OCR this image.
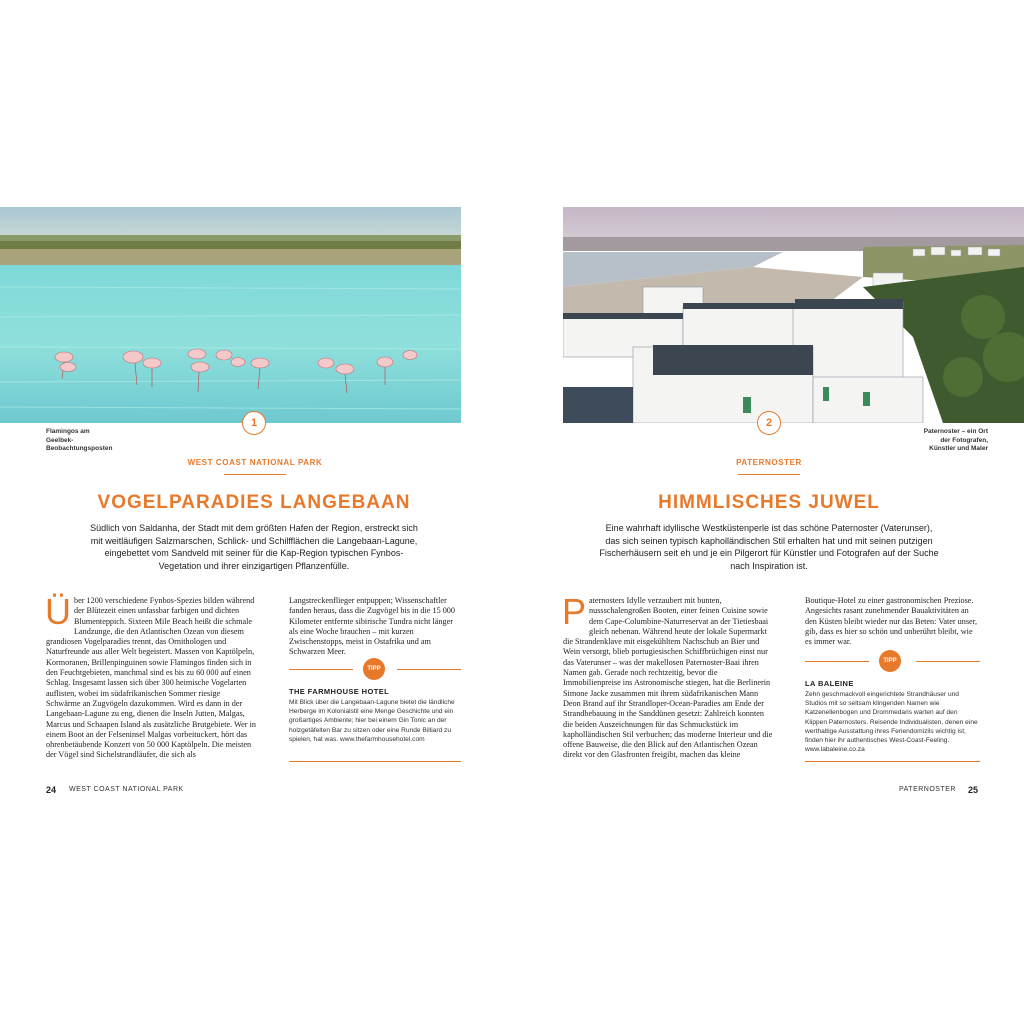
1
Flamingos am Geelbek-Beobachtungsposten
WEST COAST NATIONAL PARK
VOGELPARADIES LANGEBAAN
Südlich von Saldanha, der Stadt mit dem größten Hafen der Region, erstreckt sich mit weitläufigen Salzmarschen, Schlick- und Schilfflächen die Langebaan-Lagune, eingebettet vom Sandveld mit seiner für die Kap-Region typischen Fynbos-Vegetation und ihrer einzigartigen Pflanzenfülle.
Über 1200 verschiedene Fynbos-Spezies bilden während der Blütezeit einen unfassbar farbigen und dichten Blumenteppich. Sixteen Mile Beach heißt die schmale Landzunge, die den Atlantischen Ozean von diesem grandiosen Vogelparadies trennt, das Ornithologen und Naturfreunde aus aller Welt begeistert. Massen von Kaptölpeln, Kormoranen, Brillenpinguinen sowie Flamingos finden sich in den Feuchtgebieten, manchmal sind es bis zu 60 000 auf einen Schlag. Insgesamt lassen sich über 300 heimische Vogelarten auflisten, wobei im südafrikanischen Sommer riesige Schwärme an Zugvögeln dazukommen. Wird es dann in der Langebaan-Lagune zu eng, dienen die Inseln Jutten, Malgas, Marcus und Schaapen Island als zusätzliche Brutgebiete. Wer in einem Boot an der Felseninsel Malgas vorbeituckert, hört das ohrenbetäubende Konzert von 50 000 Kaptölpeln. Die meisten der Vögel sind Sichelstrandläufer, die sich als
Langstreckenflieger entpuppen; Wissenschaftler fanden heraus, dass die Zugvögel bis in die 15 000 Kilometer entfernte sibirische Tundra nicht länger als eine Woche brauchen – mit kurzen Zwischenstopps, meist in Ostafrika und am Schwarzen Meer.
TIPP
THE FARMHOUSE HOTEL
Mit Blick über die Langebaan-Lagune bietet die ländliche Herberge im Kolonialstil eine Menge Geschichte und ein großartiges Ambiente; hier bei einem Gin Tonic an der holzgetäfelten Bar zu sitzen oder eine Runde Billiard zu spielen, hat was. www.thefarmhousehotel.com
24 WEST COAST NATIONAL PARK
2
Paternoster – ein Ort der Fotografen, Künstler und Maler
PATERNOSTER
HIMMLISCHES JUWEL
Eine wahrhaft idyllische Westküstenperle ist das schöne Paternoster (Vaterunser), das sich seinen typisch kapholländischen Stil erhalten hat und mit seinen putzigen Fischerhäusern seit eh und je ein Pilgerort für Künstler und Fotografen auf der Suche nach Inspiration ist.
Paternosters Idylle verzaubert mit bunten, nussschalengroßen Booten, einer feinen Cuisine sowie dem Cape-Columbine-Naturreservat an der Tietiesbaai gleich nebenan. Während heute der lokale Supermarkt die Strandenklave mit eisgekühltem Nachschub an Bier und Wein versorgt, blieb portugiesischen Schiffbrüchigen einst nur das Vaterunser – was der makellosen Paternoster-Baai ihren Namen gab. Gerade noch rechtzeitig, bevor die Immobilienpreise ins Astronomische stiegen, hat die Berlinerin Simone Jacke zusammen mit ihrem südafrikanischen Mann Deon Brand auf ihr Strandloper-Ocean-Paradies am Ende der Strandbebauung in the Sanddünen gesetzt: Zahlreich konnten die beiden Auszeichnungen für das Schmuckstück im kapholländischen Stil verbuchen; das moderne Interieur und die offene Bauweise, die den Blick auf den Atlantischen Ozean direkt vor den Glasfronten freigibt, machen das kleine
Boutique-Hotel zu einer gastronomischen Preziose. Angesichts rasant zunehmender Bauaktivitäten an den Küsten bleibt wieder nur das Beten: Vater unser, gib, dass es hier so schön und unberührt bleibt, wie es immer war.
TIPP
LA BALEINE
Zehn geschmackvoll eingerichtete Strandhäuser und Studios mit so seltsam klingenden Namen wie Katzenellenbogen und Drommedaris warten auf den Klippen Paternosters. Reisende Individualisten, denen eine werthaltige Ausstattung ihres Feriendomizils wichtig ist, finden hier ihr authentisches West-Coast-Feeling. www.labaleine.co.za
PATERNOSTER 25
